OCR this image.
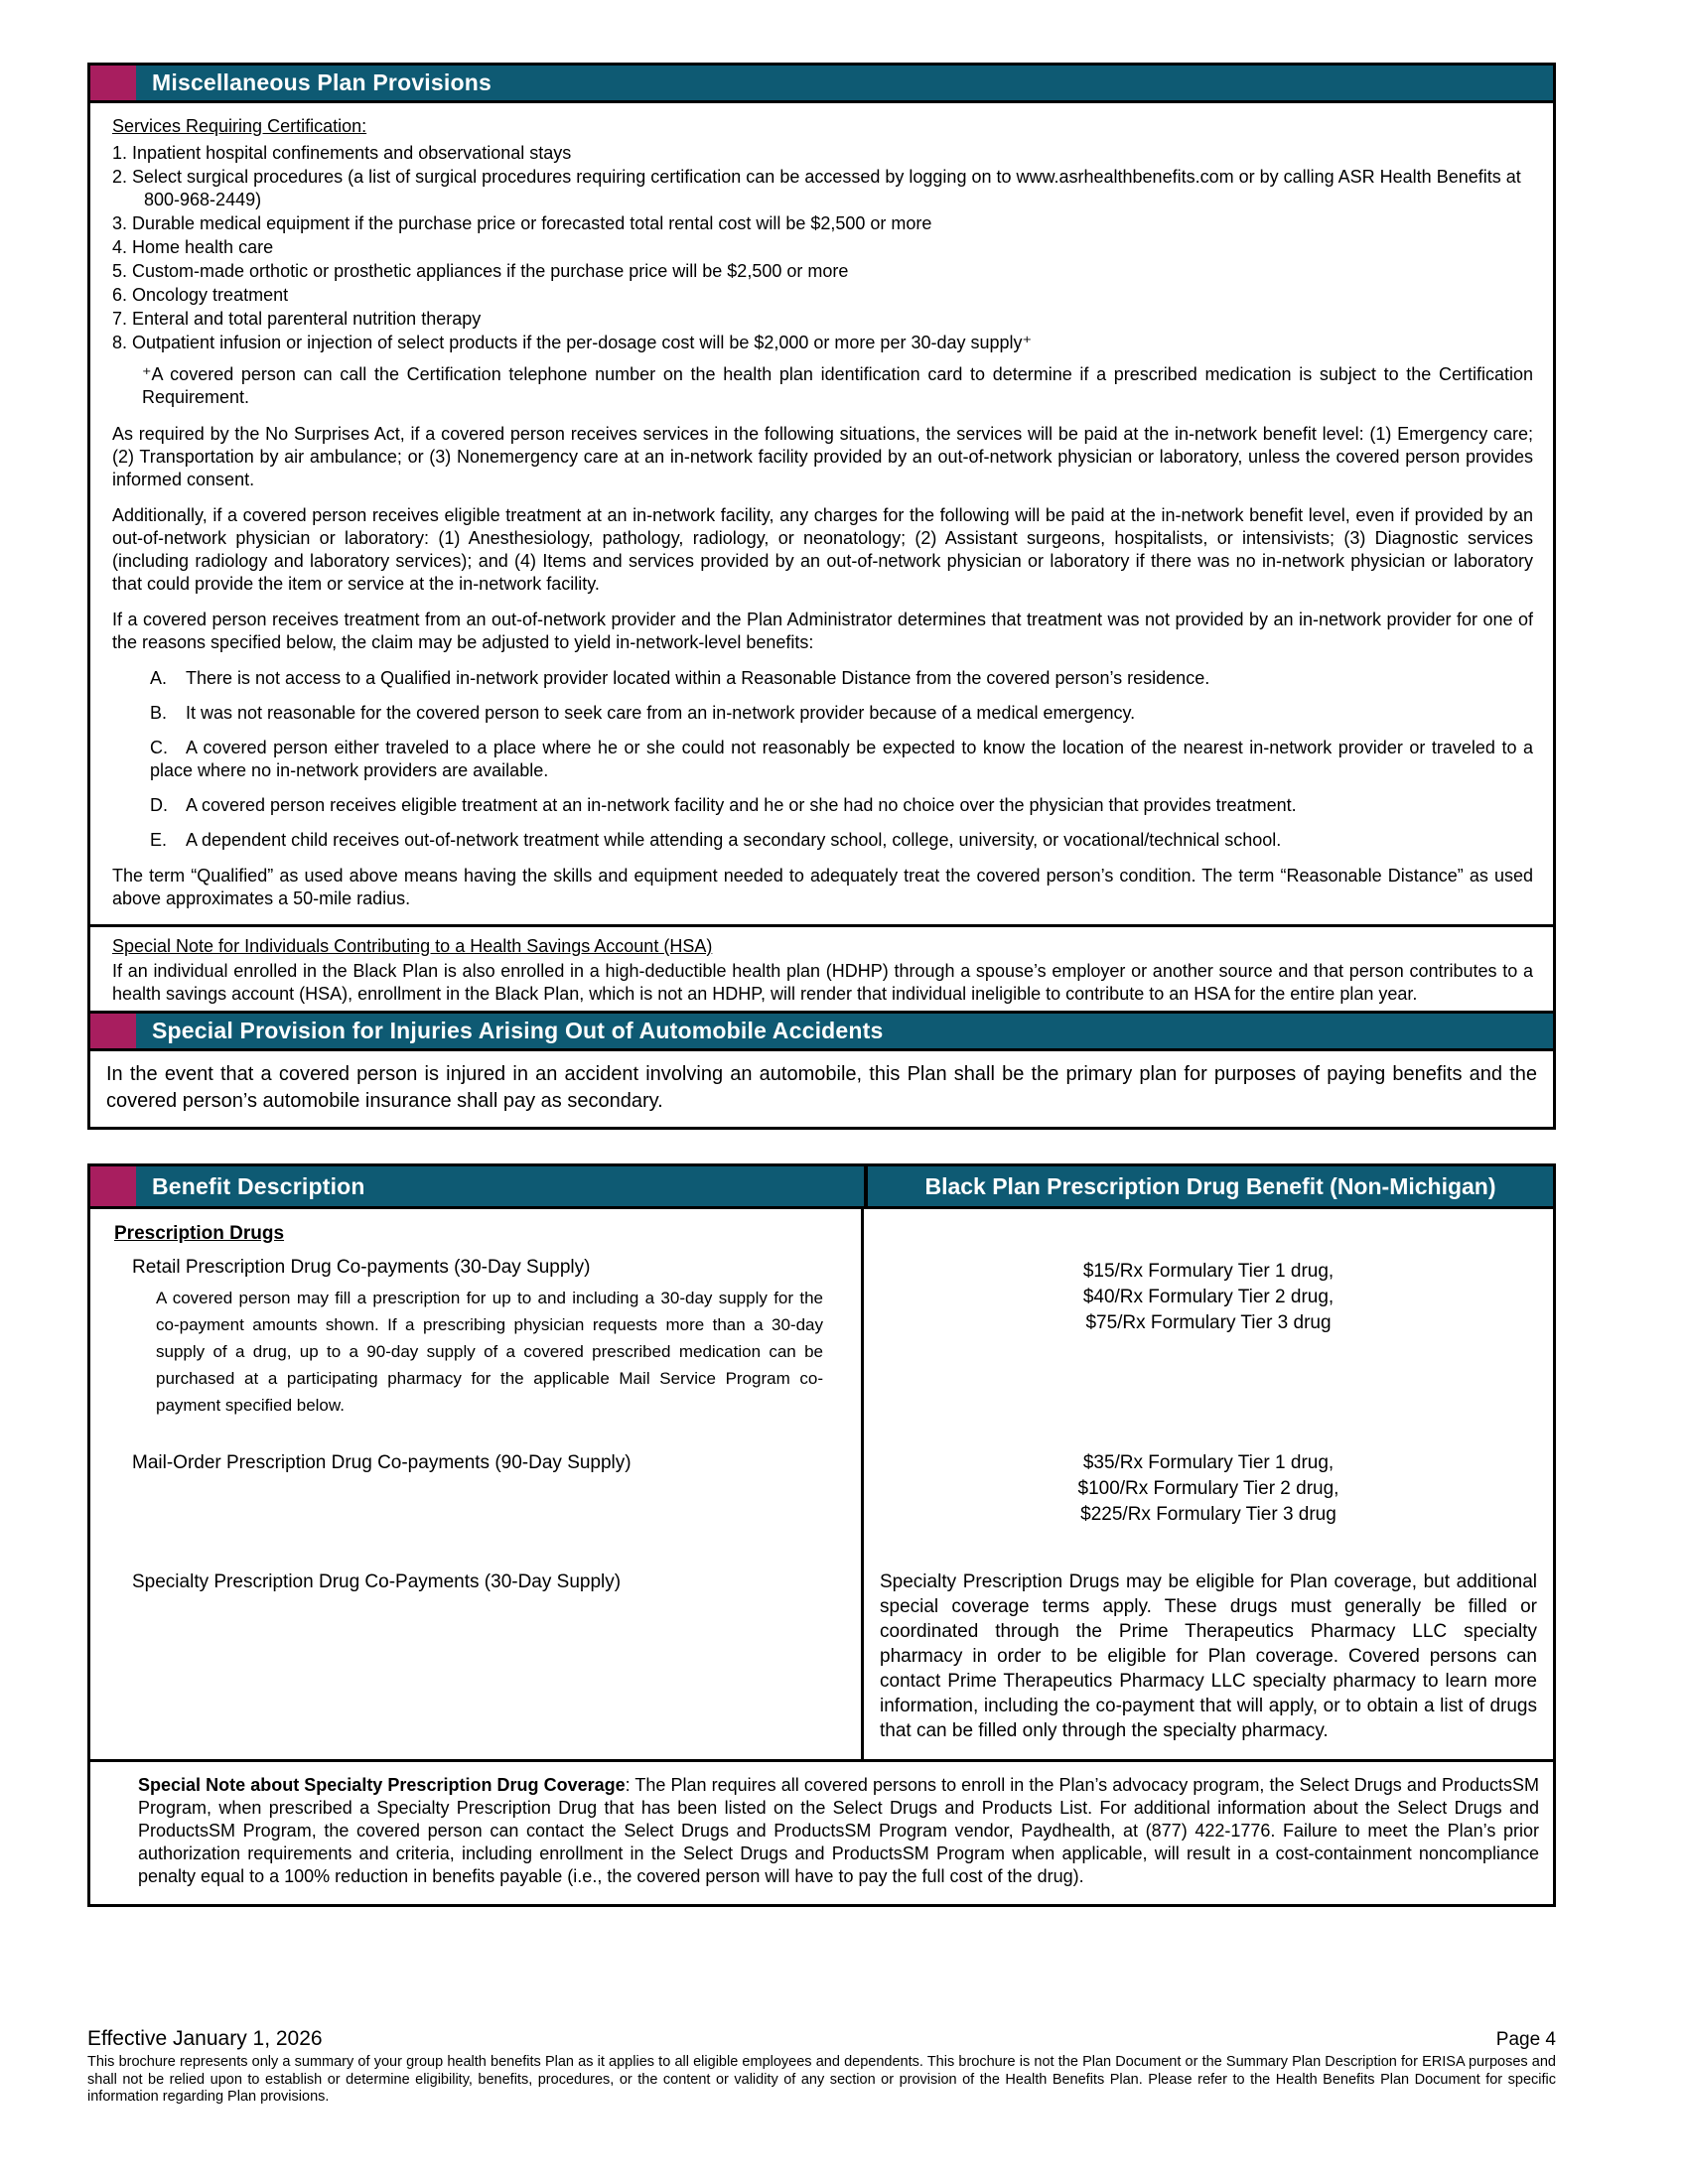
Miscellaneous Plan Provisions
Services Requiring Certification:
1. Inpatient hospital confinements and observational stays
2. Select surgical procedures (a list of surgical procedures requiring certification can be accessed by logging on to www.asrhealthbenefits.com or by calling ASR Health Benefits at 800-968-2449)
3. Durable medical equipment if the purchase price or forecasted total rental cost will be $2,500 or more
4. Home health care
5. Custom-made orthotic or prosthetic appliances if the purchase price will be $2,500 or more
6. Oncology treatment
7. Enteral and total parenteral nutrition therapy
8. Outpatient infusion or injection of select products if the per-dosage cost will be $2,000 or more per 30-day supply⁺

⁺A covered person can call the Certification telephone number on the health plan identification card to determine if a prescribed medication is subject to the Certification Requirement.

As required by the No Surprises Act, if a covered person receives services in the following situations, the services will be paid at the in-network benefit level: (1) Emergency care; (2) Transportation by air ambulance; or (3) Nonemergency care at an in-network facility provided by an out-of-network physician or laboratory, unless the covered person provides informed consent.

Additionally, if a covered person receives eligible treatment at an in-network facility, any charges for the following will be paid at the in-network benefit level, even if provided by an out-of-network physician or laboratory: (1) Anesthesiology, pathology, radiology, or neonatology; (2) Assistant surgeons, hospitalists, or intensivists; (3) Diagnostic services (including radiology and laboratory services); and (4) Items and services provided by an out-of-network physician or laboratory if there was no in-network physician or laboratory that could provide the item or service at the in-network facility.

If a covered person receives treatment from an out-of-network provider and the Plan Administrator determines that treatment was not provided by an in-network provider for one of the reasons specified below, the claim may be adjusted to yield in-network-level benefits:

A. There is not access to a Qualified in-network provider located within a Reasonable Distance from the covered person’s residence.
B. It was not reasonable for the covered person to seek care from an in-network provider because of a medical emergency.
C. A covered person either traveled to a place where he or she could not reasonably be expected to know the location of the nearest in-network provider or traveled to a place where no in-network providers are available.
D. A covered person receives eligible treatment at an in-network facility and he or she had no choice over the physician that provides treatment.
E. A dependent child receives out-of-network treatment while attending a secondary school, college, university, or vocational/technical school.

The term “Qualified” as used above means having the skills and equipment needed to adequately treat the covered person’s condition. The term “Reasonable Distance” as used above approximates a 50-mile radius.

Special Note for Individuals Contributing to a Health Savings Account (HSA)

If an individual enrolled in the Black Plan is also enrolled in a high-deductible health plan (HDHP) through a spouse’s employer or another source and that person contributes to a health savings account (HSA), enrollment in the Black Plan, which is not an HDHP, will render that individual ineligible to contribute to an HSA for the entire plan year.

Special Provision for Injuries Arising Out of Automobile Accidents

In the event that a covered person is injured in an accident involving an automobile, this Plan shall be the primary plan for purposes of paying benefits and the covered person’s automobile insurance shall pay as secondary.

Benefit Description	Black Plan Prescription Drug Benefit (Non-Michigan)
Prescription Drugs
Retail Prescription Drug Co-payments (30-Day Supply)

A covered person may fill a prescription for up to and including a 30-day supply for the co-payment amounts shown. If a prescribing physician requests more than a 30-day supply of a drug, up to a 90-day supply of a covered prescribed medication can be purchased at a participating pharmacy for the applicable Mail Service Program co-payment specified below.

$15/Rx Formulary Tier 1 drug,
$40/Rx Formulary Tier 2 drug,
$75/Rx Formulary Tier 3 drug
Mail-Order Prescription Drug Co-payments (90-Day Supply)	$35/Rx Formulary Tier 1 drug,
$100/Rx Formulary Tier 2 drug,
$225/Rx Formulary Tier 3 drug
Specialty Prescription Drug Co-Payments (30-Day Supply)	Specialty Prescription Drugs may be eligible for Plan coverage, but additional special coverage terms apply. These drugs must generally be filled or coordinated through the Prime Therapeutics Pharmacy LLC specialty pharmacy in order to be eligible for Plan coverage. Covered persons can contact Prime Therapeutics Pharmacy LLC specialty pharmacy to learn more information, including the co-payment that will apply, or to obtain a list of drugs that can be filled only through the specialty pharmacy.

Special Note about Specialty Prescription Drug Coverage: The Plan requires all covered persons to enroll in the Plan’s advocacy program, the Select Drugs and ProductsSM Program, when prescribed a Specialty Prescription Drug that has been listed on the Select Drugs and Products List. For additional information about the Select Drugs and ProductsSM Program, the covered person can contact the Select Drugs and ProductsSM Program vendor, Paydhealth, at (877) 422-1776. Failure to meet the Plan’s prior authorization requirements and criteria, including enrollment in the Select Drugs and ProductsSM Program when applicable, will result in a cost-containment noncompliance penalty equal to a 100% reduction in benefits payable (i.e., the covered person will have to pay the full cost of the drug).

Effective January 1, 2026	Page 4

This brochure represents only a summary of your group health benefits Plan as it applies to all eligible employees and dependents. This brochure is not the Plan Document or the Summary Plan Description for ERISA purposes and shall not be relied upon to establish or determine eligibility, benefits, procedures, or the content or validity of any section or provision of the Health Benefits Plan. Please refer to the Health Benefits Plan Document for specific information regarding Plan provisions.
